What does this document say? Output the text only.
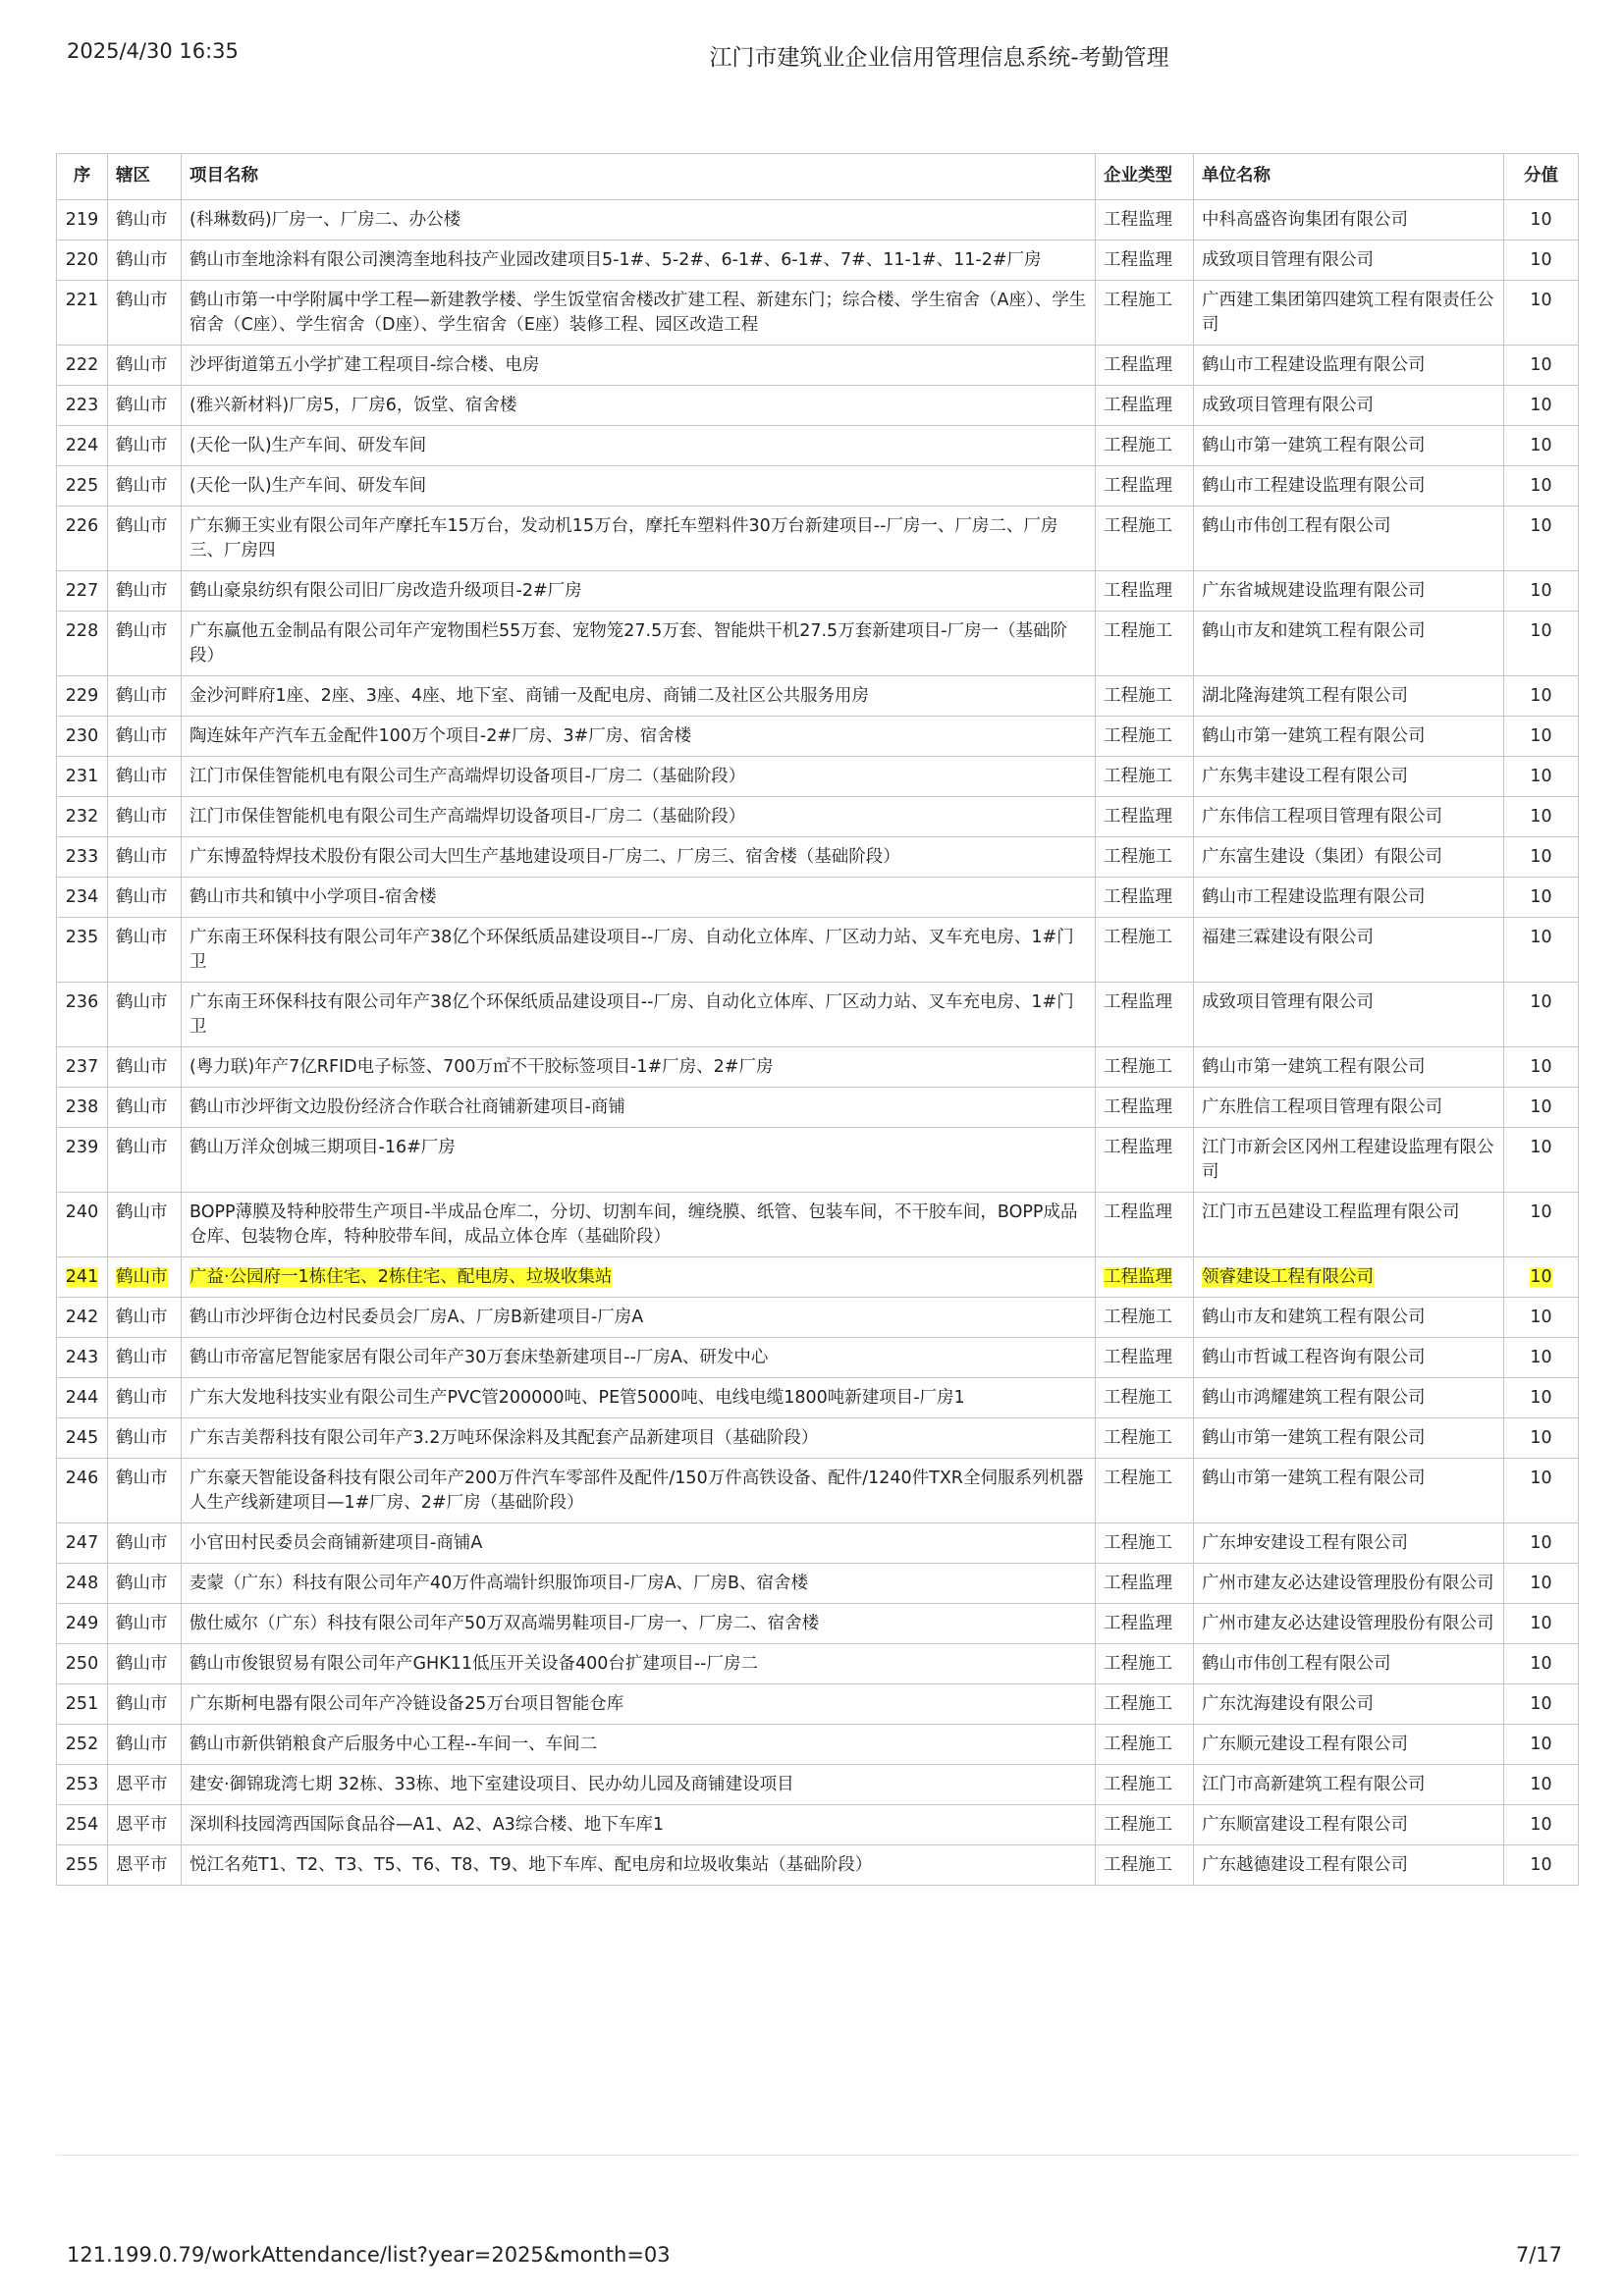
2025/4/30 16:35	江门市建筑业企业信用管理信息系统-考勤管理
序	辖区	项目名称	企业类型	单位名称	分值
219	鹤山市	(科琳数码)厂房一、厂房二、办公楼	工程监理	中科高盛咨询集团有限公司	10
220	鹤山市	鹤山市奎地涂料有限公司澳湾奎地科技产业园改建项目5-1#、5-2#、6-1#、6-1#、7#、11-1#、11-2#厂房	工程监理	成致项目管理有限公司	10
221	鹤山市	鹤山市第一中学附属中学工程—新建教学楼、学生饭堂宿舍楼改扩建工程、新建东门；综合楼、学生宿舍（A座）、学生宿舍（C座）、学生宿舍（D座）、学生宿舍（E座）装修工程、园区改造工程	工程施工	广西建工集团第四建筑工程有限责任公司	10
222	鹤山市	沙坪街道第五小学扩建工程项目-综合楼、电房	工程监理	鹤山市工程建设监理有限公司	10
223	鹤山市	(雅兴新材料)厂房5，厂房6，饭堂、宿舍楼	工程监理	成致项目管理有限公司	10
224	鹤山市	(天伦一队)生产车间、研发车间	工程施工	鹤山市第一建筑工程有限公司	10
225	鹤山市	(天伦一队)生产车间、研发车间	工程监理	鹤山市工程建设监理有限公司	10
226	鹤山市	广东狮王实业有限公司年产摩托车15万台，发动机15万台，摩托车塑料件30万台新建项目--厂房一、厂房二、厂房三、厂房四	工程施工	鹤山市伟创工程有限公司	10
227	鹤山市	鹤山豪泉纺织有限公司旧厂房改造升级项目-2#厂房	工程监理	广东省城规建设监理有限公司	10
228	鹤山市	广东赢他五金制品有限公司年产宠物围栏55万套、宠物笼27.5万套、智能烘干机27.5万套新建项目-厂房一（基础阶段）	工程施工	鹤山市友和建筑工程有限公司	10
229	鹤山市	金沙河畔府1座、2座、3座、4座、地下室、商铺一及配电房、商铺二及社区公共服务用房	工程施工	湖北隆海建筑工程有限公司	10
230	鹤山市	陶连妹年产汽车五金配件100万个项目-2#厂房、3#厂房、宿舍楼	工程施工	鹤山市第一建筑工程有限公司	10
231	鹤山市	江门市保佳智能机电有限公司生产高端焊切设备项目-厂房二（基础阶段）	工程施工	广东隽丰建设工程有限公司	10
232	鹤山市	江门市保佳智能机电有限公司生产高端焊切设备项目-厂房二（基础阶段）	工程监理	广东伟信工程项目管理有限公司	10
233	鹤山市	广东博盈特焊技术股份有限公司大凹生产基地建设项目-厂房二、厂房三、宿舍楼（基础阶段）	工程施工	广东富生建设（集团）有限公司	10
234	鹤山市	鹤山市共和镇中小学项目-宿舍楼	工程监理	鹤山市工程建设监理有限公司	10
235	鹤山市	广东南王环保科技有限公司年产38亿个环保纸质品建设项目--厂房、自动化立体库、厂区动力站、叉车充电房、1#门卫	工程施工	福建三霖建设有限公司	10
236	鹤山市	广东南王环保科技有限公司年产38亿个环保纸质品建设项目--厂房、自动化立体库、厂区动力站、叉车充电房、1#门卫	工程监理	成致项目管理有限公司	10
237	鹤山市	(粤力联)年产7亿RFID电子标签、700万㎡不干胶标签项目-1#厂房、2#厂房	工程施工	鹤山市第一建筑工程有限公司	10
238	鹤山市	鹤山市沙坪街文边股份经济合作联合社商铺新建项目-商铺	工程监理	广东胜信工程项目管理有限公司	10
239	鹤山市	鹤山万洋众创城三期项目-16#厂房	工程监理	江门市新会区冈州工程建设监理有限公司	10
240	鹤山市	BOPP薄膜及特种胶带生产项目-半成品仓库二，分切、切割车间，缠绕膜、纸管、包装车间，不干胶车间，BOPP成品仓库、包装物仓库，特种胶带车间，成品立体仓库（基础阶段）	工程监理	江门市五邑建设工程监理有限公司	10
241	鹤山市	广益·公园府一1栋住宅、2栋住宅、配电房、垃圾收集站	工程监理	领睿建设工程有限公司	10
242	鹤山市	鹤山市沙坪街仓边村民委员会厂房A、厂房B新建项目-厂房A	工程施工	鹤山市友和建筑工程有限公司	10
243	鹤山市	鹤山市帝富尼智能家居有限公司年产30万套床垫新建项目--厂房A、研发中心	工程监理	鹤山市哲诚工程咨询有限公司	10
244	鹤山市	广东大发地科技实业有限公司生产PVC管200000吨、PE管5000吨、电线电缆1800吨新建项目-厂房1	工程施工	鹤山市鸿耀建筑工程有限公司	10
245	鹤山市	广东吉美帮科技有限公司年产3.2万吨环保涂料及其配套产品新建项目（基础阶段）	工程施工	鹤山市第一建筑工程有限公司	10
246	鹤山市	广东豪天智能设备科技有限公司年产200万件汽车零部件及配件/150万件高铁设备、配件/1240件TXR全伺服系列机器人生产线新建项目—1#厂房、2#厂房（基础阶段）	工程施工	鹤山市第一建筑工程有限公司	10
247	鹤山市	小官田村民委员会商铺新建项目-商铺A	工程施工	广东坤安建设工程有限公司	10
248	鹤山市	麦蒙（广东）科技有限公司年产40万件高端针织服饰项目-厂房A、厂房B、宿舍楼	工程监理	广州市建友必达建设管理股份有限公司	10
249	鹤山市	傲仕威尔（广东）科技有限公司年产50万双高端男鞋项目-厂房一、厂房二、宿舍楼	工程监理	广州市建友必达建设管理股份有限公司	10
250	鹤山市	鹤山市俊银贸易有限公司年产GHK11低压开关设备400台扩建项目--厂房二	工程施工	鹤山市伟创工程有限公司	10
251	鹤山市	广东斯柯电器有限公司年产冷链设备25万台项目智能仓库	工程施工	广东沈海建设有限公司	10
252	鹤山市	鹤山市新供销粮食产后服务中心工程--车间一、车间二	工程施工	广东顺元建设工程有限公司	10
253	恩平市	建安·御锦珑湾七期 32栋、33栋、地下室建设项目、民办幼儿园及商铺建设项目	工程施工	江门市高新建筑工程有限公司	10
254	恩平市	深圳科技园湾西国际食品谷—A1、A2、A3综合楼、地下车库1	工程施工	广东顺富建设工程有限公司	10
255	恩平市	悦江名苑T1、T2、T3、T5、T6、T8、T9、地下车库、配电房和垃圾收集站（基础阶段）	工程施工	广东越德建设工程有限公司	10
121.199.0.79/workAttendance/list?year=2025&month=03	7/17
